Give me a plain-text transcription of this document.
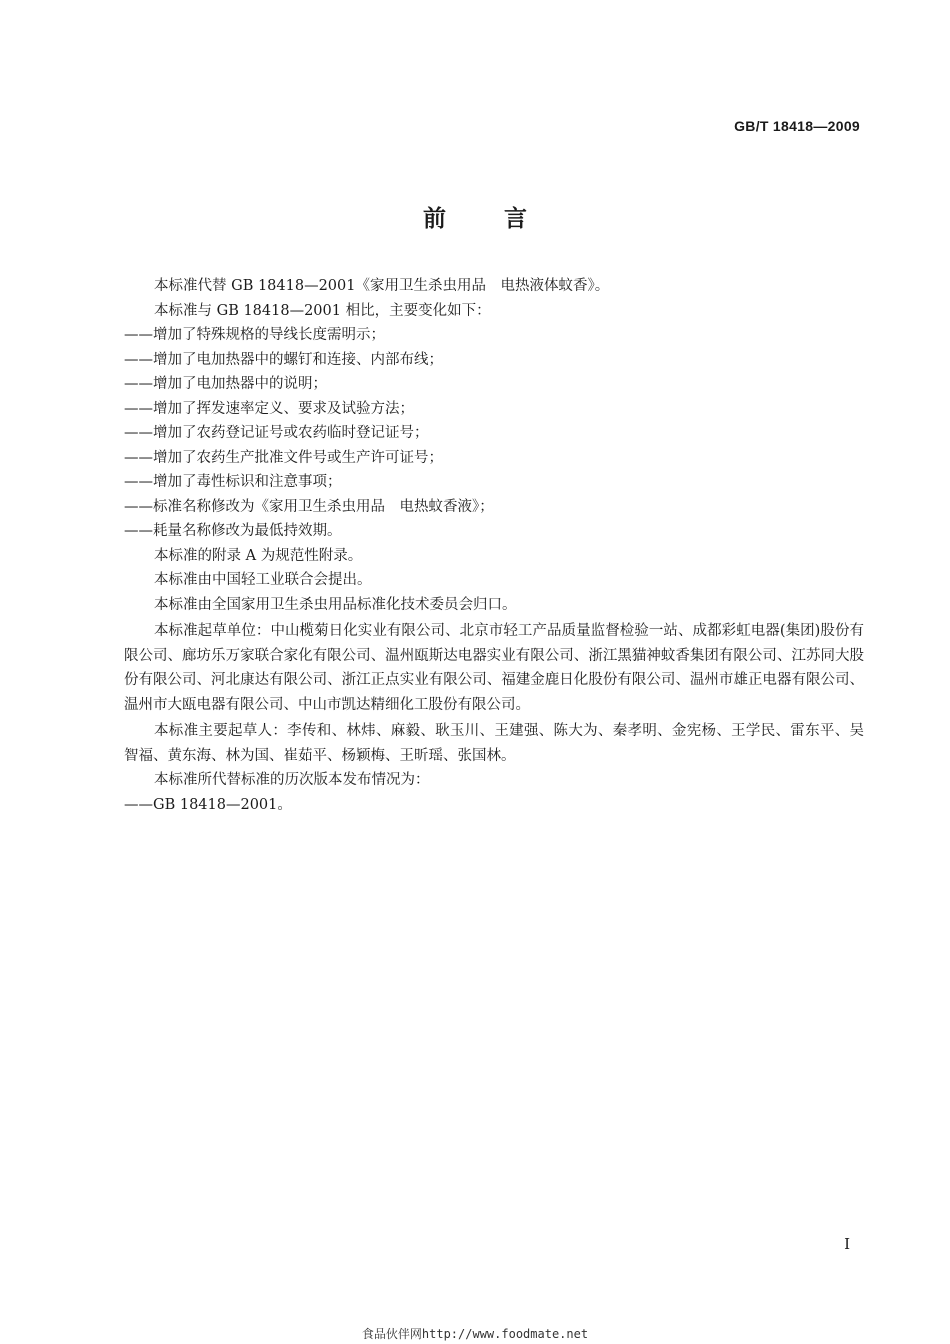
GB/T 18418—2009
前言

本标准代替 GB 18418—2001《家用卫生杀虫用品　电热液体蚊香》。

本标准与 GB 18418—2001 相比，主要变化如下：

——增加了特殊规格的导线长度需明示；

——增加了电加热器中的螺钉和连接、内部布线；

——增加了电加热器中的说明；

——增加了挥发速率定义、要求及试验方法；

——增加了农药登记证号或农药临时登记证号；

——增加了农药生产批准文件号或生产许可证号；

——增加了毒性标识和注意事项；

——标准名称修改为《家用卫生杀虫用品　电热蚊香液》；

——耗量名称修改为最低持效期。

本标准的附录 A 为规范性附录。

本标准由中国轻工业联合会提出。

本标准由全国家用卫生杀虫用品标准化技术委员会归口。

本标准起草单位：中山榄菊日化实业有限公司、北京市轻工产品质量监督检验一站、成都彩虹电器(集团)股份有限公司、廊坊乐万家联合家化有限公司、温州瓯斯达电器实业有限公司、浙江黑猫神蚊香集团有限公司、江苏同大股份有限公司、河北康达有限公司、浙江正点实业有限公司、福建金鹿日化股份有限公司、温州市雄正电器有限公司、温州市大瓯电器有限公司、中山市凯达精细化工股份有限公司。

本标准主要起草人：李传和、林炜、麻毅、耿玉川、王建强、陈大为、秦孝明、金宪杨、王学民、雷东平、吴智福、黄东海、林为国、崔茹平、杨颖梅、王昕瑶、张国林。

本标准所代替标准的历次版本发布情况为：

——GB 18418—2001。

I
食品伙伴网http://www.foodmate.net
